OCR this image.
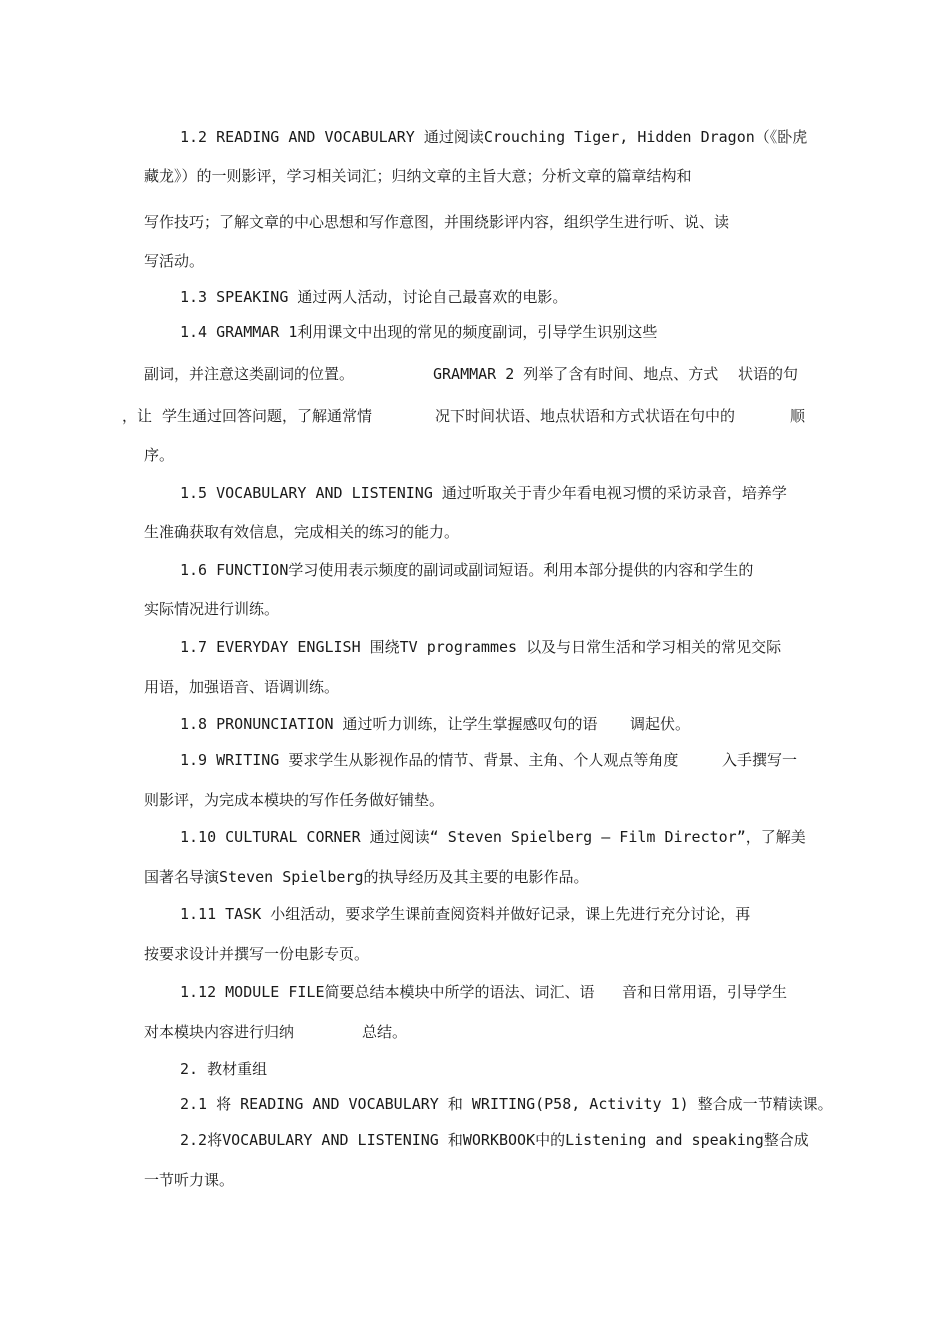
1.2 READING AND VOCABULARY 通过阅读Crouching Tiger, Hidden Dragon（《卧虎
藏龙》）的一则影评，学习相关词汇；归纳文章的主旨大意；分析文章的篇章结构和
写作技巧；了解文章的中心思想和写作意图，并围绕影评内容，组织学生进行听、说、读
写活动。
1.3 SPEAKING 通过两人活动，讨论自己最喜欢的电影。
1.4 GRAMMAR 1利用课文中出现的常见的频度副词，引导学生识别这些
副词，并注意这类副词的位置。	GRAMMAR 2 列举了含有时间、地点、方式 状语的句
，让 学生通过回答问题，了解通常情	况下时间状语、地点状语和方式状语在句中的	顺
序。
1.5 VOCABULARY AND LISTENING 通过听取关于青少年看电视习惯的采访录音，培养学
生准确获取有效信息，完成相关的练习的能力。
1.6 FUNCTION学习使用表示频度的副词或副词短语。利用本部分提供的内容和学生的
实际情况进行训练。
1.7 EVERYDAY ENGLISH 围绕TV programmes 以及与日常生活和学习相关的常见交际
用语，加强语音、语调训练。
1.8 PRONUNCIATION 通过听力训练，让学生掌握感叹句的语 调起伏。
1.9 WRITING 要求学生从影视作品的情节、背景、主角、个人观点等角度	入手撰写一
则影评，为完成本模块的写作任务做好铺垫。
1.10 CULTURAL CORNER 通过阅读“ Steven Spielberg — Film Director”，了解美
国著名导演Steven Spielberg的执导经历及其主要的电影作品。
1.11 TASK 小组活动，要求学生课前查阅资料并做好记录，课上先进行充分讨论，再
按要求设计并撰写一份电影专页。
1.12 MODULE FILE简要总结本模块中所学的语法、词汇、语 音和日常用语，引导学生
对本模块内容进行归纳	总结。
2. 教材重组
2.1 将 READING AND VOCABULARY 和 WRITING(P58, Activity 1) 整合成一节精读课。
2.2将VOCABULARY AND LISTENING 和WORKBOOK中的Listening and speaking整合成
一节听力课。
